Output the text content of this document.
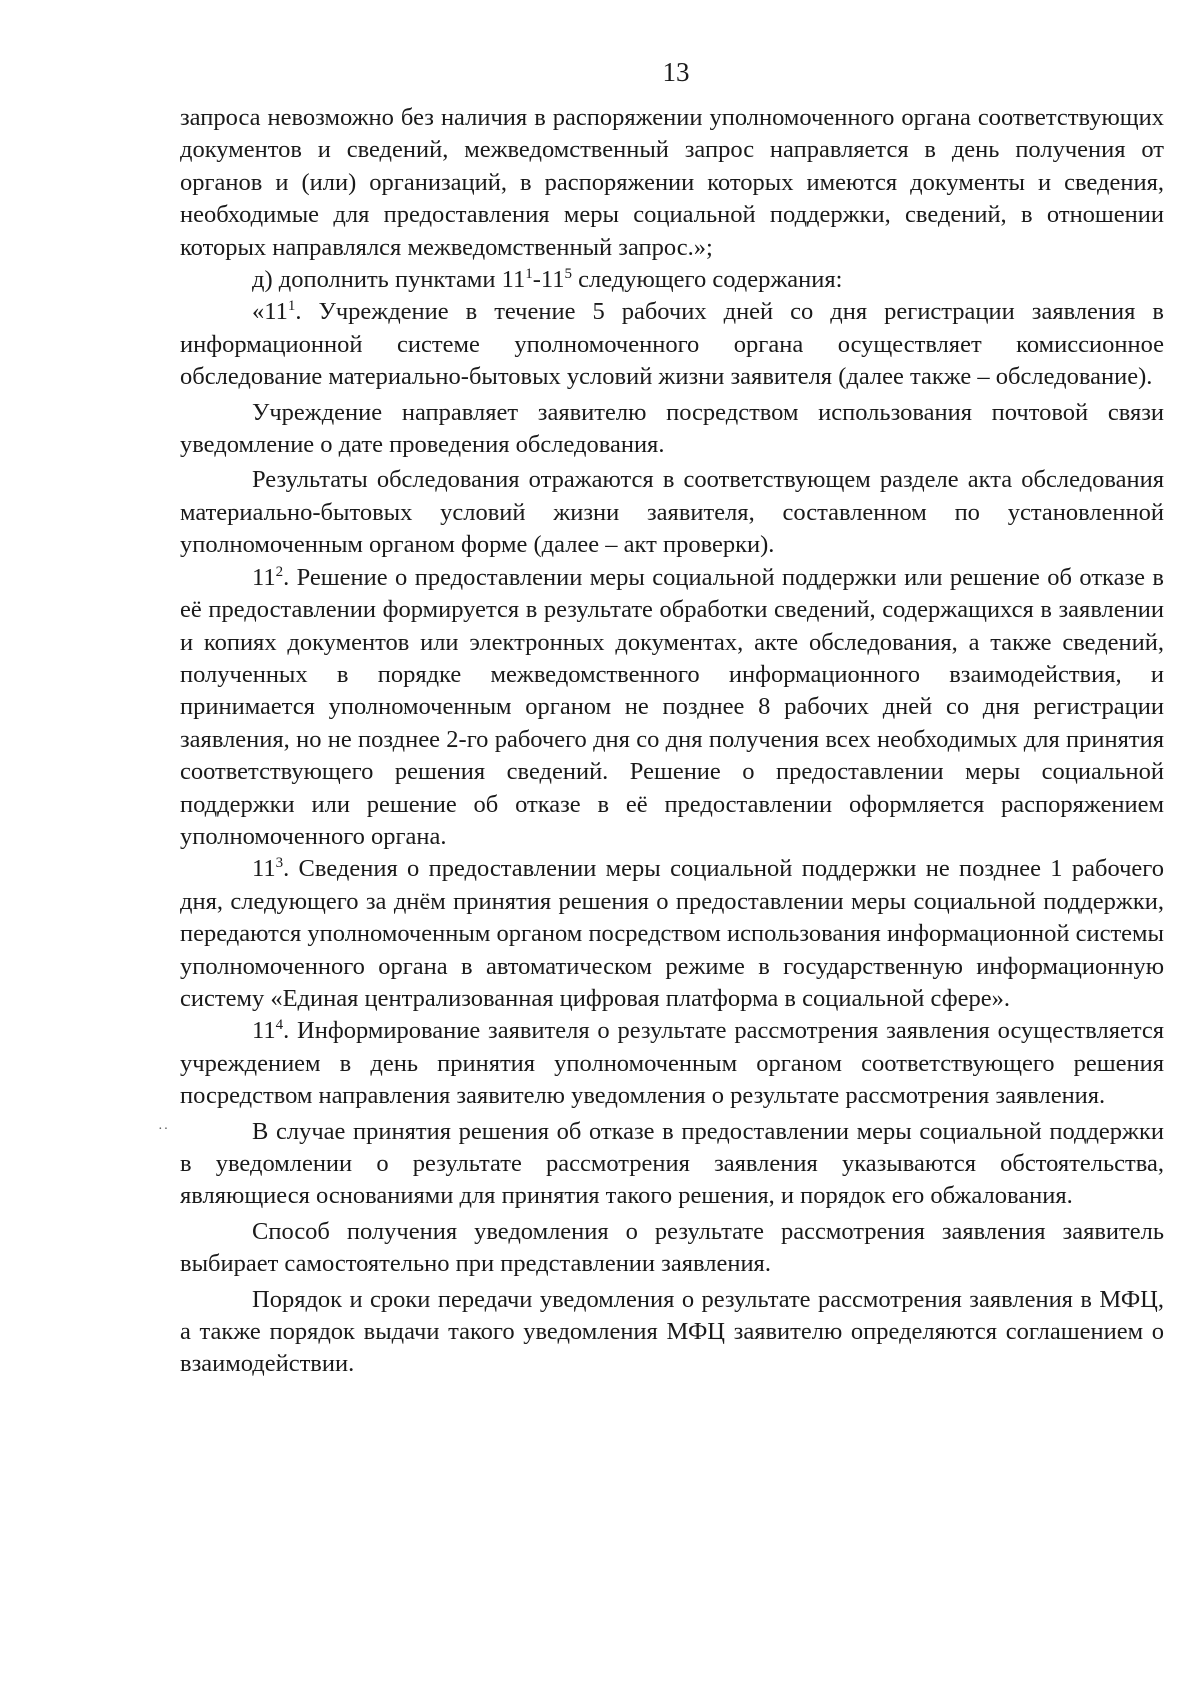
13
··

запроса невозможно без наличия в распоряжении уполномоченного органа соответствующих документов и сведений, межведомственный запрос направляется в день получения от органов и (или) организаций, в распоряжении которых имеются документы и сведения, необходимые для предоставления меры социальной поддержки, сведений, в отношении которых направлялся межведомственный запрос.»;

д) дополнить пунктами $11^1-11^5$ следующего содержания:

«$11^1$. Учреждение в течение 5 рабочих дней со дня регистрации заявления в информационной системе уполномоченного органа осуществляет комиссионное обследование материально-бытовых условий жизни заявителя (далее также – обследование).

Учреждение направляет заявителю посредством использования почтовой связи уведомление о дате проведения обследования.

Результаты обследования отражаются в соответствующем разделе акта обследования материально-бытовых условий жизни заявителя, составленном по установленной уполномоченным органом форме (далее – акт проверки).

$11^2$. Решение о предоставлении меры социальной поддержки или решение об отказе в её предоставлении формируется в результате обработки сведений, содержащихся в заявлении и копиях документов или электронных документах, акте обследования, а также сведений, полученных в порядке межведомственного информационного взаимодействия, и принимается уполномоченным органом не позднее 8 рабочих дней со дня регистрации заявления, но не позднее 2-го рабочего дня со дня получения всех необходимых для принятия соответствующего решения сведений. Решение о предоставлении меры социальной поддержки или решение об отказе в её предоставлении оформляется распоряжением уполномоченного органа.

$11^3$. Сведения о предоставлении меры социальной поддержки не позднее 1 рабочего дня, следующего за днём принятия решения о предоставлении меры социальной поддержки, передаются уполномоченным органом посредством использования информационной системы уполномоченного органа в автоматическом режиме в государственную информационную систему «Единая централизованная цифровая платформа в социальной сфере».

$11^4$. Информирование заявителя о результате рассмотрения заявления осуществляется учреждением в день принятия уполномоченным органом соответствующего решения посредством направления заявителю уведомления о результате рассмотрения заявления.

В случае принятия решения об отказе в предоставлении меры социальной поддержки в уведомлении о результате рассмотрения заявления указываются обстоятельства, являющиеся основаниями для принятия такого решения, и порядок его обжалования.

Способ получения уведомления о результате рассмотрения заявления заявитель выбирает самостоятельно при представлении заявления.

Порядок и сроки передачи уведомления о результате рассмотрения заявления в МФЦ, а также порядок выдачи такого уведомления МФЦ заявителю определяются соглашением о взаимодействии.
